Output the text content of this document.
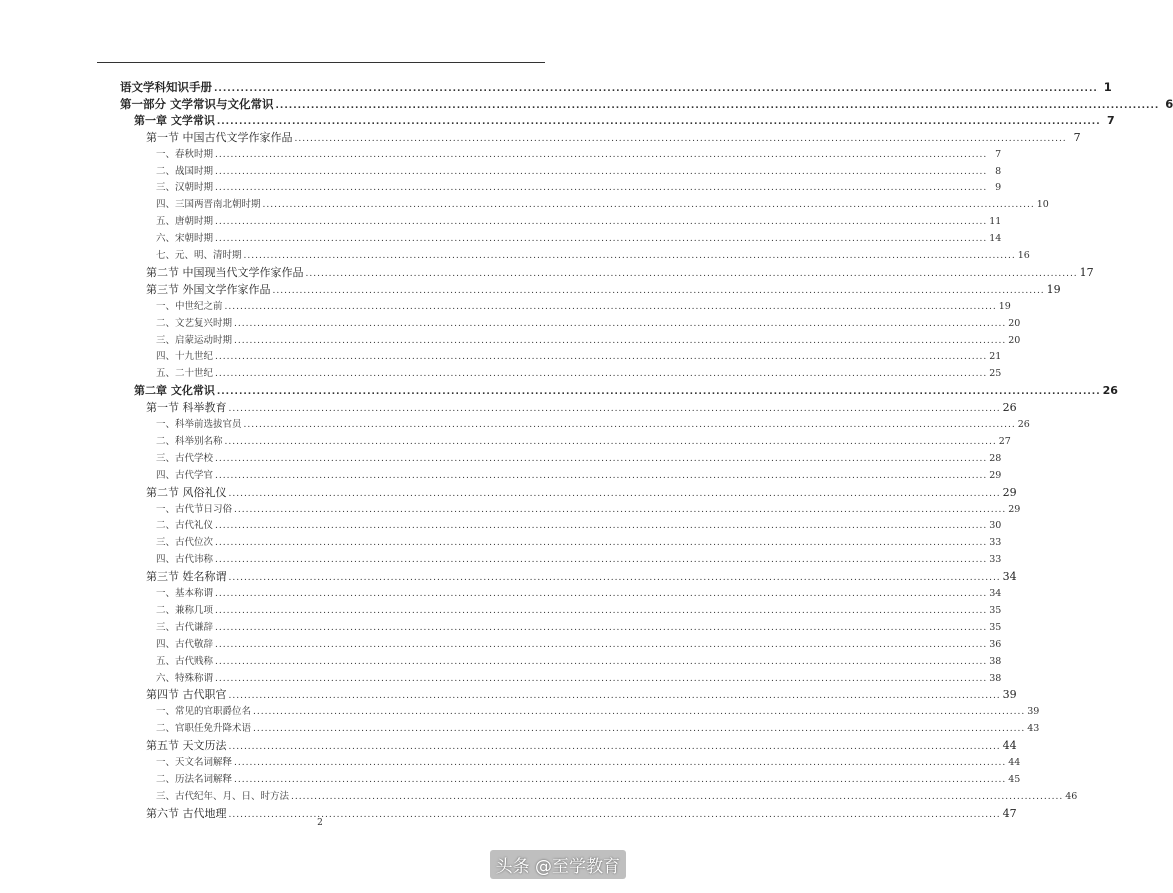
语文学科知识手册 ........................................................................................................................................................................................................ 1
第一部分 文学常识与文化常识 ........................................................................................................................................................................................................ 6
第一章 文学常识 ........................................................................................................................................................................................................ 7
第一节 中国古代文学作家作品 ........................................................................................................................................................................................................ 7
一、春秋时期 ........................................................................................................................................................................................................ 7
二、战国时期 ........................................................................................................................................................................................................ 8
三、汉朝时期 ........................................................................................................................................................................................................ 9
四、三国两晋南北朝时期 ........................................................................................................................................................................................................ 10
五、唐朝时期 ........................................................................................................................................................................................................ 11
六、宋朝时期 ........................................................................................................................................................................................................ 14
七、元、明、清时期 ........................................................................................................................................................................................................ 16
第二节 中国现当代文学作家作品 ........................................................................................................................................................................................................ 17
第三节 外国文学作家作品 ........................................................................................................................................................................................................ 19
一、中世纪之前 ........................................................................................................................................................................................................ 19
二、文艺复兴时期 ........................................................................................................................................................................................................ 20
三、启蒙运动时期 ........................................................................................................................................................................................................ 20
四、十九世纪 ........................................................................................................................................................................................................ 21
五、二十世纪 ........................................................................................................................................................................................................ 25
第二章 文化常识 ........................................................................................................................................................................................................ 26
第一节 科举教育 ........................................................................................................................................................................................................ 26
一、科举前选拔官员 ........................................................................................................................................................................................................ 26
二、科举别名称 ........................................................................................................................................................................................................ 27
三、古代学校 ........................................................................................................................................................................................................ 28
四、古代学官 ........................................................................................................................................................................................................ 29
第二节 风俗礼仪 ........................................................................................................................................................................................................ 29
一、古代节日习俗 ........................................................................................................................................................................................................ 29
二、古代礼仪 ........................................................................................................................................................................................................ 30
三、古代位次 ........................................................................................................................................................................................................ 33
四、古代讳称 ........................................................................................................................................................................................................ 33
第三节 姓名称谓 ........................................................................................................................................................................................................ 34
一、基本称谓 ........................................................................................................................................................................................................ 34
二、兼称几项 ........................................................................................................................................................................................................ 35
三、古代谦辞 ........................................................................................................................................................................................................ 35
四、古代敬辞 ........................................................................................................................................................................................................ 36
五、古代贱称 ........................................................................................................................................................................................................ 38
六、特殊称谓 ........................................................................................................................................................................................................ 38
第四节 古代职官 ........................................................................................................................................................................................................ 39
一、常见的官职爵位名 ........................................................................................................................................................................................................ 39
二、官职任免升降术语 ........................................................................................................................................................................................................ 43
第五节 天文历法 ........................................................................................................................................................................................................ 44
一、天文名词解释 ........................................................................................................................................................................................................ 44
二、历法名词解释 ........................................................................................................................................................................................................ 45
三、古代纪年、月、日、时方法 ........................................................................................................................................................................................................ 46
第六节 古代地理 ........................................................................................................................................................................................................ 47
2
头条 @至学教育
